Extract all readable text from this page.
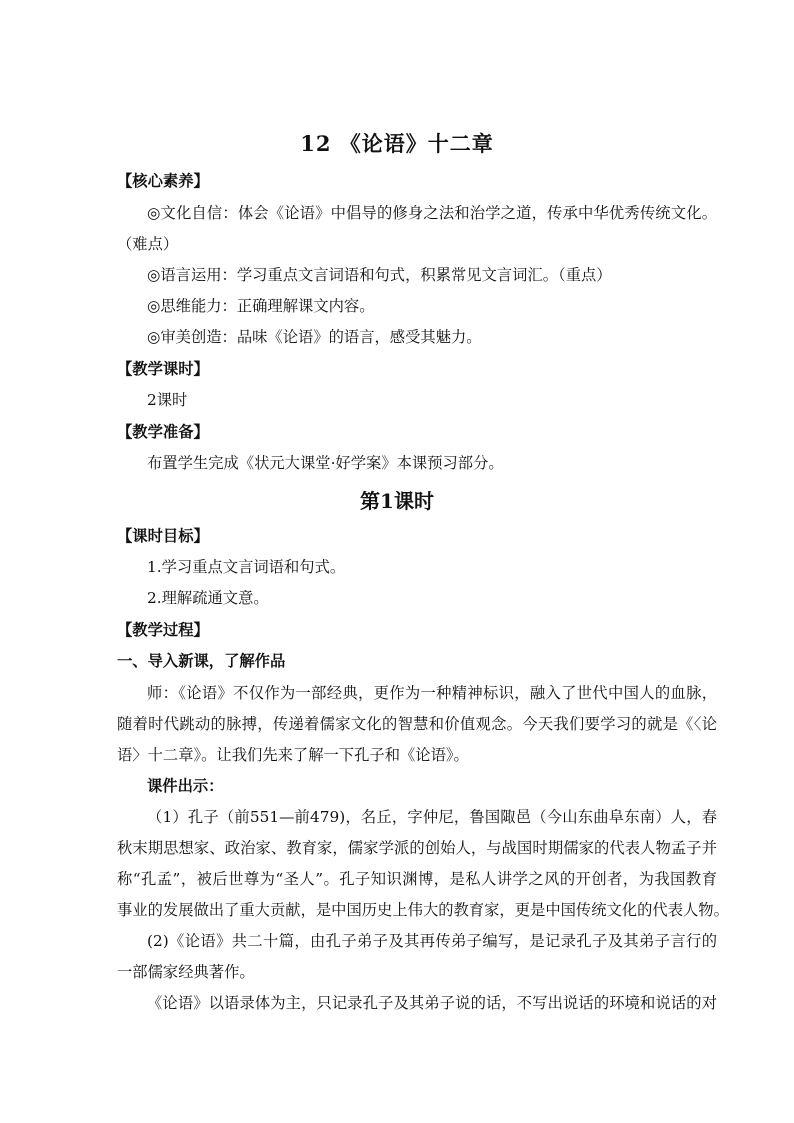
12 《论语》十二章
【核心素养】
◎文化自信：体会《论语》中倡导的修身之法和治学之道，传承中华优秀传统文化。
（难点）
◎语言运用：学习重点文言词语和句式，积累常见文言词汇。（重点）
◎思维能力：正确理解课文内容。
◎审美创造：品味《论语》的语言，感受其魅力。
【教学课时】
2课时
【教学准备】
布置学生完成《状元大课堂·好学案》本课预习部分。
第1课时
【课时目标】
1.学习重点文言词语和句式。
2.理解疏通文意。
【教学过程】
一、导入新课，了解作品
师：《论语》不仅作为一部经典，更作为一种精神标识，融入了世代中国人的血脉，
随着时代跳动的脉搏，传递着儒家文化的智慧和价值观念。今天我们要学习的就是《〈论
语〉十二章》。让我们先来了解一下孔子和《论语》。
课件出示：
（1）孔子（前551—前479)，名丘，字仲尼，鲁国陬邑（今山东曲阜东南）人，春
秋末期思想家、政治家、教育家，儒家学派的创始人，与战国时期儒家的代表人物孟子并
称“孔孟”，被后世尊为“圣人”。孔子知识渊博，是私人讲学之风的开创者，为我国教育
事业的发展做出了重大贡献，是中国历史上伟大的教育家，更是中国传统文化的代表人物。
(2)《论语》共二十篇，由孔子弟子及其再传弟子编写，是记录孔子及其弟子言行的
一部儒家经典著作。
《论语》以语录体为主，只记录孔子及其弟子说的话，不写出说话的环境和说话的对
